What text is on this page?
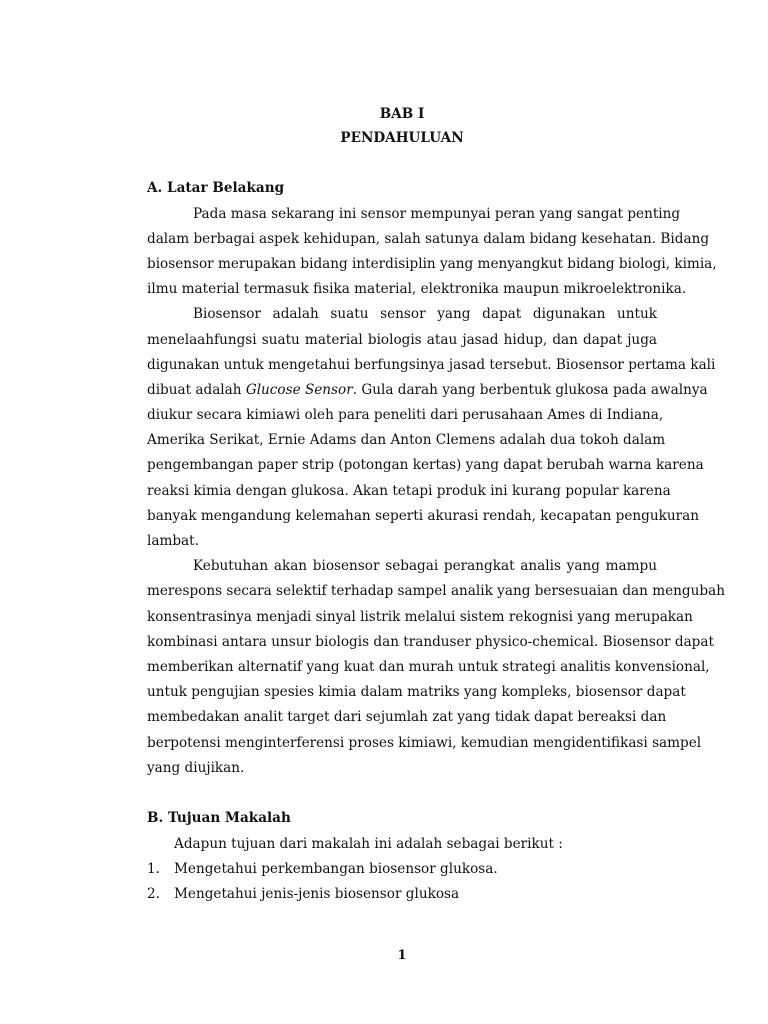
BAB I
PENDAHULUAN
A. Latar Belakang
Pada masa sekarang ini sensor mempunyai peran yang sangat penting
dalam berbagai aspek kehidupan, salah satunya dalam bidang kesehatan. Bidang
biosensor merupakan bidang interdisiplin yang menyangkut bidang biologi, kimia,
ilmu material termasuk fisika material, elektronika maupun mikroelektronika.
Biosensor adalah suatu sensor yang dapat digunakan untuk
menelaahfungsi suatu material biologis atau jasad hidup, dan dapat juga
digunakan untuk mengetahui berfungsinya jasad tersebut. Biosensor pertama kali
dibuat adalah Glucose Sensor. Gula darah yang berbentuk glukosa pada awalnya
diukur secara kimiawi oleh para peneliti dari perusahaan Ames di Indiana,
Amerika Serikat, Ernie Adams dan Anton Clemens adalah dua tokoh dalam
pengembangan paper strip (potongan kertas) yang dapat berubah warna karena
reaksi kimia dengan glukosa. Akan tetapi produk ini kurang popular karena
banyak mengandung kelemahan seperti akurasi rendah, kecapatan pengukuran
lambat.
Kebutuhan akan biosensor sebagai perangkat analis yang mampu
merespons secara selektif terhadap sampel analik yang bersesuaian dan mengubah
konsentrasinya menjadi sinyal listrik melalui sistem rekognisi yang merupakan
kombinasi antara unsur biologis dan tranduser physico-chemical. Biosensor dapat
memberikan alternatif yang kuat dan murah untuk strategi analitis konvensional,
untuk pengujian spesies kimia dalam matriks yang kompleks, biosensor dapat
membedakan analit target dari sejumlah zat yang tidak dapat bereaksi dan
berpotensi menginterferensi proses kimiawi, kemudian mengidentifikasi sampel
yang diujikan.
B. Tujuan Makalah
Adapun tujuan dari makalah ini adalah sebagai berikut :
1. Mengetahui perkembangan biosensor glukosa.
2. Mengetahui jenis-jenis biosensor glukosa
1
